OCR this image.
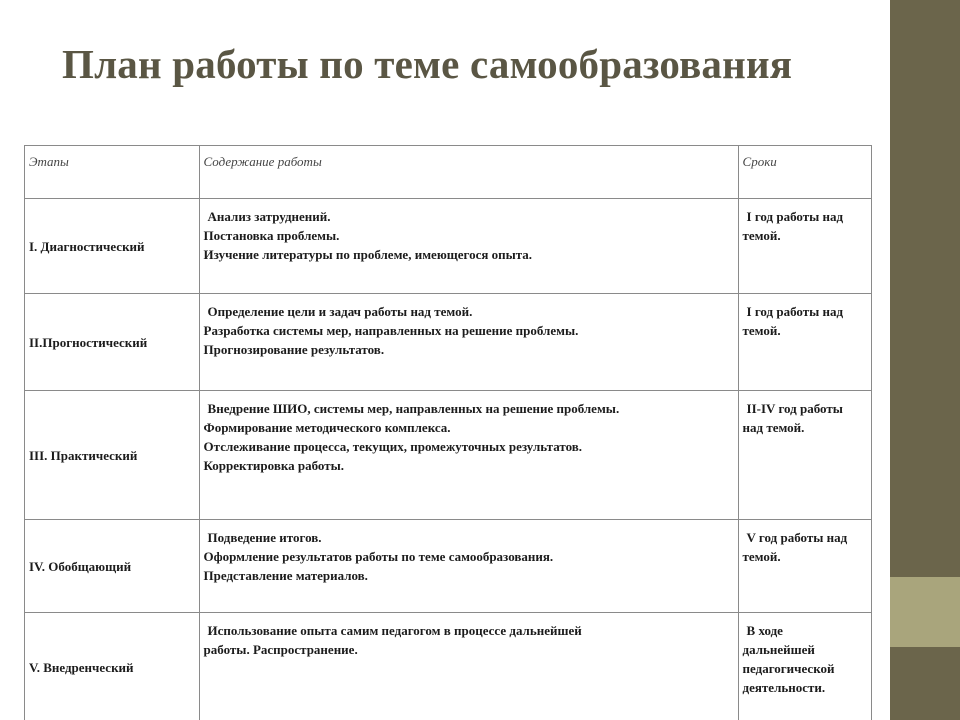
План работы по теме самообразования
Этапы	Содержание работы	Сроки
I. Диагностический	Анализ затруднений.
Постановка проблемы.
Изучение литературы по проблеме, имеющегося опыта.	I год работы над
темой.

II.Прогностический	Определение цели и задач работы над темой.
Разработка системы мер, направленных на решение проблемы.
Прогнозирование результатов.	I год работы над
темой.

III. Практический	Внедрение ШИО, системы мер, направленных на решение проблемы.
Формирование методического комплекса.
Отслеживание процесса, текущих, промежуточных результатов.
Корректировка работы.	II-IV год работы
над темой.

IV. Обобщающий	Подведение итогов.
Оформление результатов работы по теме самообразования.
Представление материалов.	V год работы над
темой.

V. Внедренческий	Использование опыта самим педагогом в процессе дальнейшей
работы. Распространение.	В ходе
дальнейшей
педагогической
деятельности.
